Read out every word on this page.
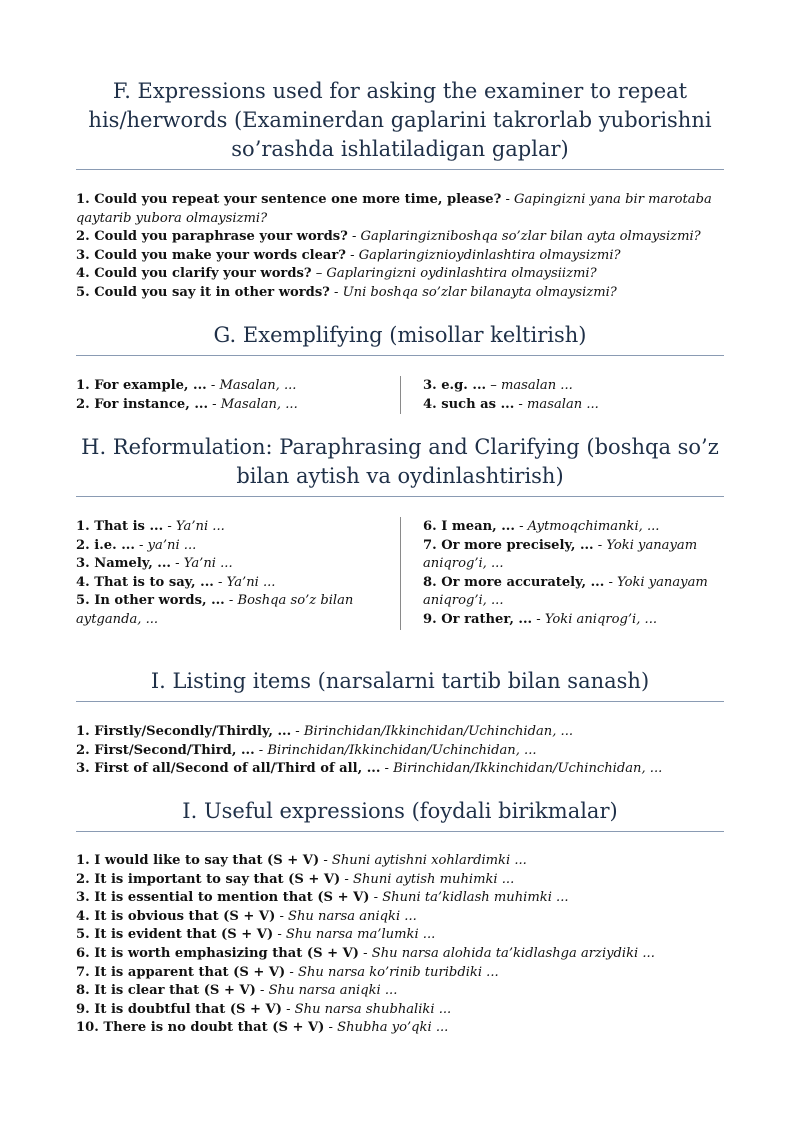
F. Expressions used for asking the examiner to repeat his/herwords (Examinerdan gaplarini takrorlab yuborishni so’rashda ishlatiladigan gaplar)

1. Could you repeat your sentence one more time, please? - Gapingizni yana bir marotaba qaytarib yubora olmaysizmi?

2. Could you paraphrase your words? - Gaplaringizniboshqa so’zlar bilan ayta olmaysizmi?

3. Could you make your words clear? - Gaplaringiznioydinlashtira olmaysizmi?

4. Could you clarify your words? – Gaplaringizni oydinlashtira olmaysiizmi?

5. Could you say it in other words? - Uni boshqa so’zlar bilanayta olmaysizmi?

G. Exemplifying (misollar keltirish)

1. For example, ... - Masalan, ...

2. For instance, ... - Masalan, ...

3. e.g. ... – masalan ...

4. such as ... - masalan ...

H. Reformulation: Paraphrasing and Clarifying (boshqa so’z bilan aytish va oydinlashtirish)

1. That is ... - Ya’ni ...

2. i.e. ... - ya’ni ...

3. Namely, ... - Ya’ni ...

4. That is to say, ... - Ya’ni ...

5. In other words, ... - Boshqa so’z bilan aytganda, ...

6. I mean, ... - Aytmoqchimanki, ...

7. Or more precisely, ... - Yoki yanayam aniqrog’i, ...

8. Or more accurately, ... - Yoki yanayam aniqrog’i, ...

9. Or rather, ... - Yoki aniqrog’i, ...

I. Listing items (narsalarni tartib bilan sanash)

1. Firstly/Secondly/Thirdly, ... - Birinchidan/Ikkinchidan/Uchinchidan, ...

2. First/Second/Third, ... - Birinchidan/Ikkinchidan/Uchinchidan, ...

3. First of all/Second of all/Third of all, ... - Birinchidan/Ikkinchidan/Uchinchidan, ...

I. Useful expressions (foydali birikmalar)

1. I would like to say that (S + V) - Shuni aytishni xohlardimki ...

2. It is important to say that (S + V) - Shuni aytish muhimki ...

3. It is essential to mention that (S + V) - Shuni ta’kidlash muhimki ...

4. It is obvious that (S + V) - Shu narsa aniqki ...

5. It is evident that (S + V) - Shu narsa ma’lumki ...

6. It is worth emphasizing that (S + V) - Shu narsa alohida ta’kidlashga arziydiki ...

7. It is apparent that (S + V) - Shu narsa ko’rinib turibdiki ...

8. It is clear that (S + V) - Shu narsa aniqki ...

9. It is doubtful that (S + V) - Shu narsa shubhaliki ...

10. There is no doubt that (S + V) - Shubha yo’qki ...
